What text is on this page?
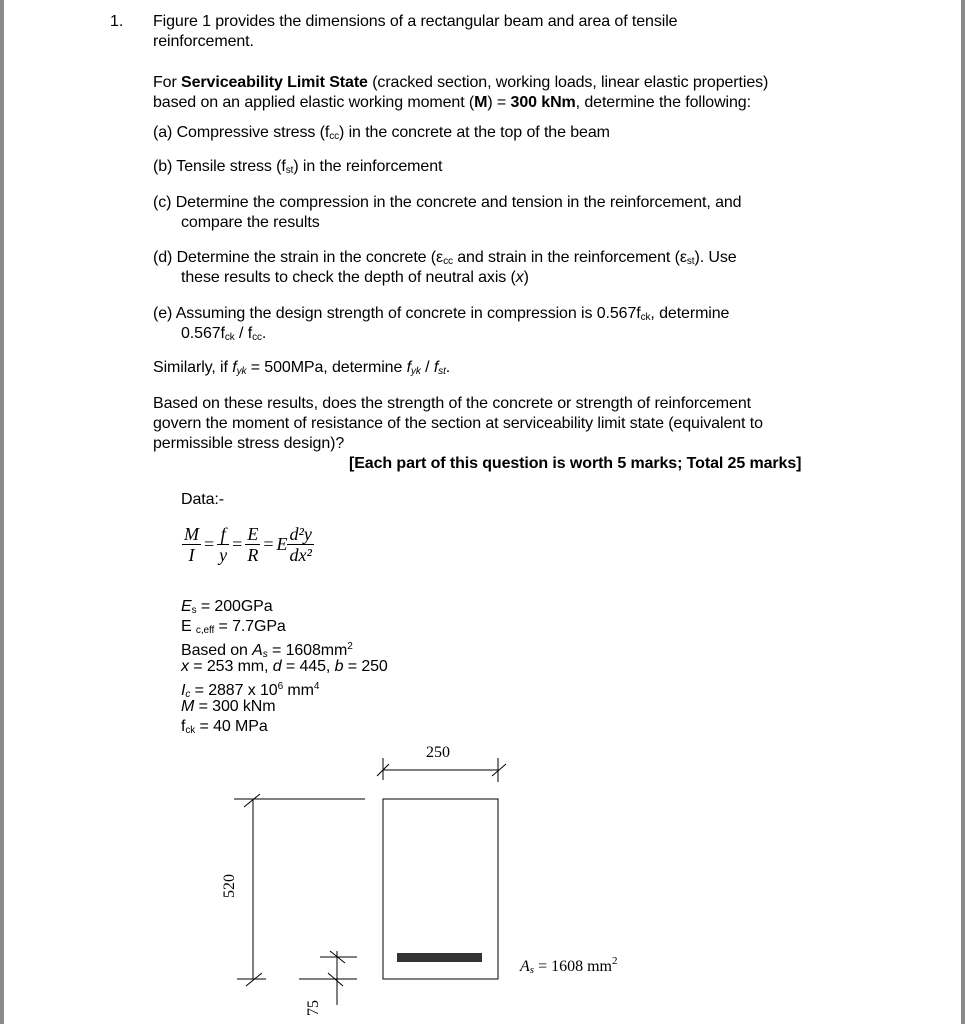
1. Figure 1 provides the dimensions of a rectangular beam and area of tensile
reinforcement.
For Serviceability Limit State (cracked section, working loads, linear elastic properties)
based on an applied elastic working moment (M) = 300 kNm, determine the following:
(a) Compressive stress $(f_{cc})$ in the concrete at the top of the beam
(b) Tensile stress $(f_{st})$ in the reinforcement
(c) Determine the compression in the concrete and tension in the reinforcement, and
compare the results
(d) Determine the strain in the concrete ($\varepsilon_{cc}$ and strain in the reinforcement $(\varepsilon_{st})$. Use
these results to check the depth of neutral axis (x)
(e) Assuming the design strength of concrete in compression is $0.567f_{ck}$, determine
$0.567f_{ck} / f_{cc}$.
Similarly, if fyk = 500MPa, determine fyk / fst.
Based on these results, does the strength of the concrete or strength of reinforcement
govern the moment of resistance of the section at serviceability limit state (equivalent to
permissible stress design)?
[Each part of this question is worth 5 marks; Total 25 marks]
Data:-
$E_s = 200GPa$
E $_{c,eff}$ = 7.7GPa
Based on $As = 1608mm^2$
x = 253 mm, d = 445, b = 250
Ic = 2887 x $10^6$ $mm^4$
M = 300 kNm
$f_{ck} = 40$ MPa
$\frac{M}{I} = \frac{f}{y} = \frac{E}{R} = E \frac{\text{d²y}}{\text{dx²}}$
250
520
75
As = 1608 $mm^2$
